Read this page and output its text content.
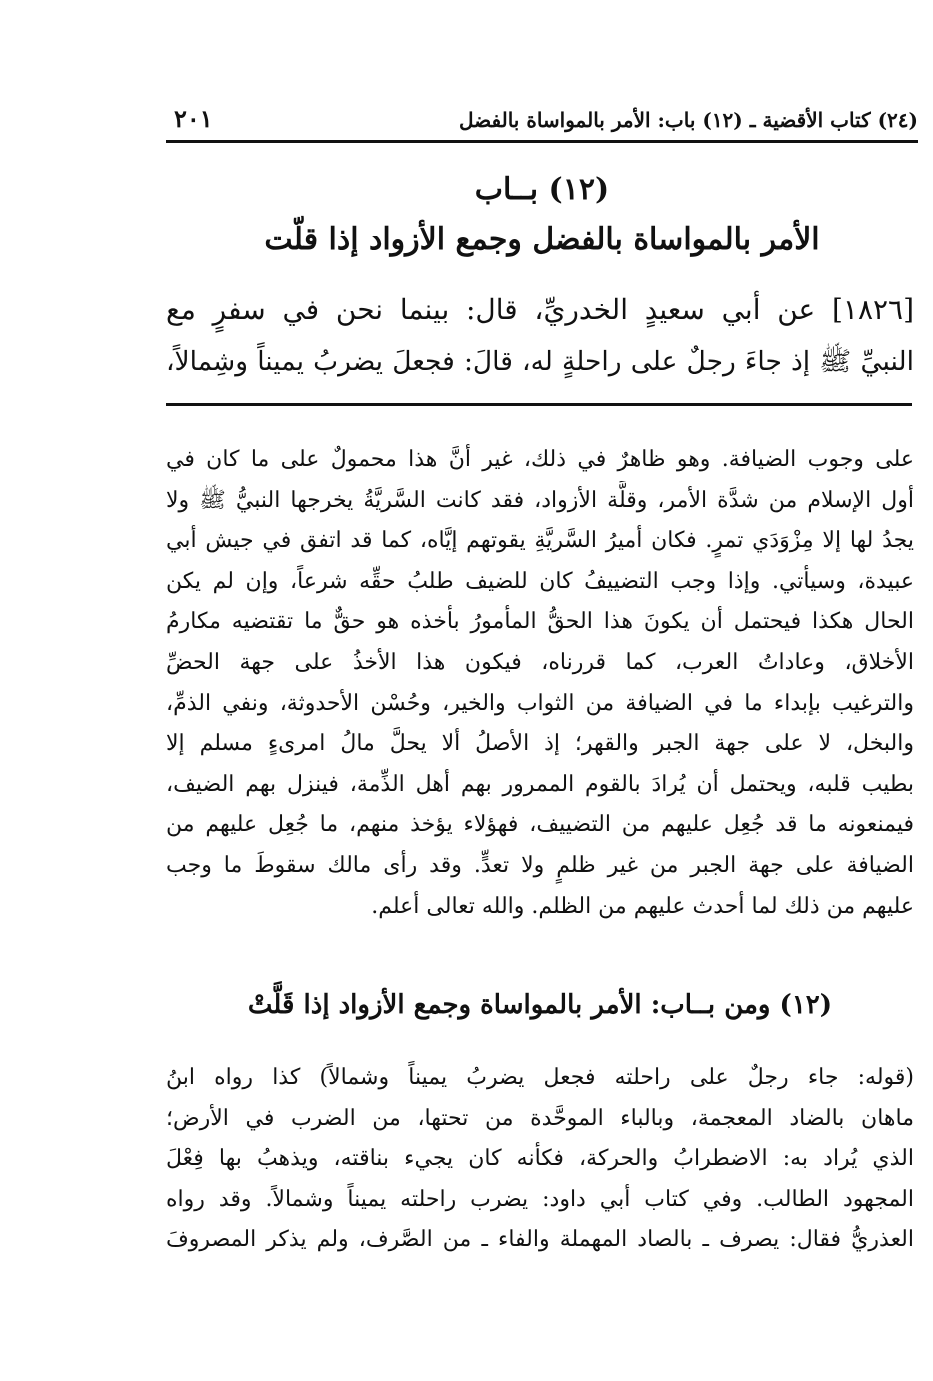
(٢٤) كتاب الأقضية ـ (١٢) باب: الأمر بالمواساة بالفضل
٢٠١
(١٢) بــاب
الأمر بالمواساة بالفضل وجمع الأزواد إذا قلّت
[١٨٢٦] عن أبي سعيدٍ الخدريِّ، قال: بينما نحن في سفرٍ مع
النبيِّ ﷺ إذ جاءَ رجلٌ على راحلةٍ له، قالَ: فجعلَ يضربُ يميناً وشِمالاً،
على وجوب الضيافة. وهو ظاهرٌ في ذلك، غير أنَّ هذا محمولٌ على ما كان في
أول الإسلام من شدَّة الأمر، وقلَّة الأزواد، فقد كانت السَّريَّةُ يخرجها النبيُّ ﷺ ولا
يجدُ لها إلا مِزْوَدَي تمرٍ. فكان أميرُ السَّريَّةِ يقوتهم إيَّاه، كما قد اتفق في جيش أبي
عبيدة، وسيأتي. وإذا وجب التضييفُ كان للضيف طلبُ حقِّه شرعاً، وإن لم يكن
الحال هكذا فيحتمل أن يكونَ هذا الحقُّ المأمورُ بأخذه هو حقٌّ ما تقتضيه مكارمُ
الأخلاق، وعاداتُ العرب، كما قررناه، فيكون هذا الأخذُ على جهة الحضِّ
والترغيب بإبداء ما في الضيافة من الثواب والخير، وحُسْن الأحدوثة، ونفي الذمِّ،
والبخل، لا على جهة الجبر والقهر؛ إذ الأصلُ ألا يحلَّ مالُ امرىءٍ مسلم إلا
بطيب قلبه، ويحتمل أن يُرادَ بالقوم الممرور بهم أهل الذِّمة، فينزل بهم الضيف،
فيمنعونه ما قد جُعِل عليهم من التضييف، فهؤلاء يؤخذ منهم، ما جُعِل عليهم من
الضيافة على جهة الجبر من غير ظلمٍ ولا تعدٍّ. وقد رأى مالك سقوطَ ما وجب
عليهم من ذلك لما أحدث عليهم من الظلم. والله تعالى أعلم.
(١٢) ومن بــاب: الأمر بالمواساة وجمع الأزواد إذا قَلَّتْ
(قوله: جاء رجلٌ على راحلته فجعل يضربُ يميناً وشمالاً) كذا رواه ابنُ
ماهان بالضاد المعجمة، وبالباء الموحَّدة من تحتها، من الضرب في الأرض؛
الذي يُراد به: الاضطرابُ والحركة، فكأنه كان يجيء بناقته، ويذهبُ بها فِعْلَ
المجهود الطالب. وفي كتاب أبي داود: يضرب راحلته يميناً وشمالاً. وقد رواه
العذريُّ فقال: يصرف ـ بالصاد المهملة والفاء ـ من الصَّرف، ولم يذكر المصروفَ
